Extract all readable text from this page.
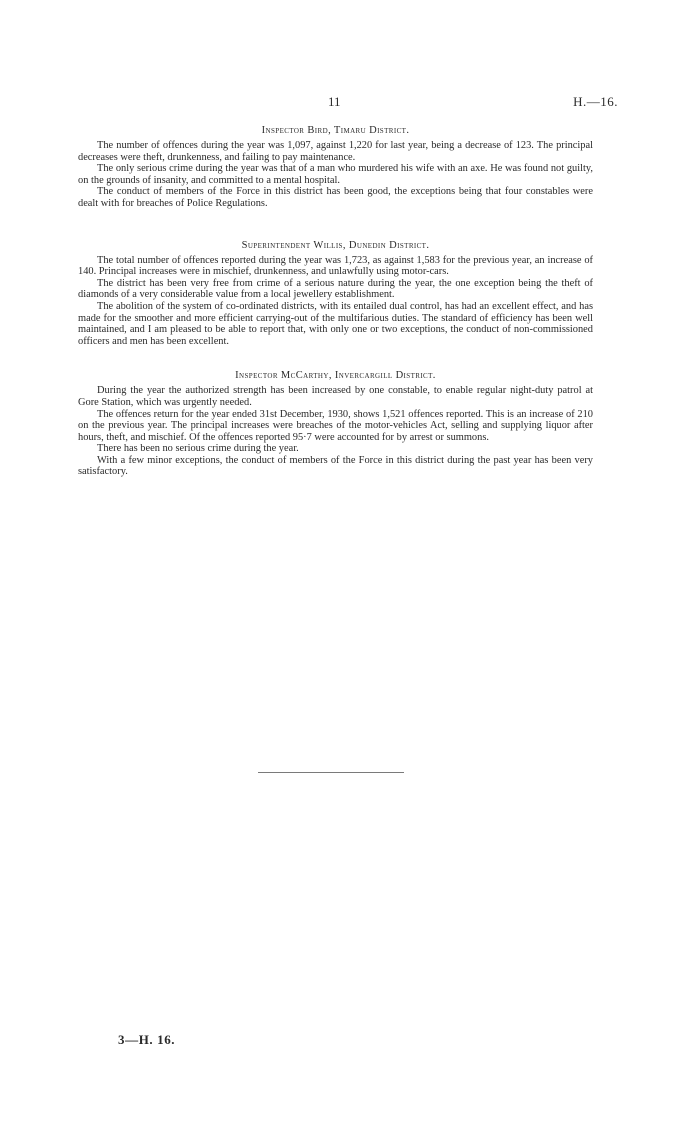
11	H.—16.
Inspector Bird, Timaru District.

The number of offences during the year was 1,097, against 1,220 for last year, being a decrease of 123. The principal decreases were theft, drunkenness, and failing to pay maintenance.

The only serious crime during the year was that of a man who murdered his wife with an axe. He was found not guilty, on the grounds of insanity, and committed to a mental hospital.

The conduct of members of the Force in this district has been good, the exceptions being that four constables were dealt with for breaches of Police Regulations.

Superintendent Willis, Dunedin District.

The total number of offences reported during the year was 1,723, as against 1,583 for the previous year, an increase of 140. Principal increases were in mischief, drunkenness, and unlawfully using motor-cars.

The district has been very free from crime of a serious nature during the year, the one exception being the theft of diamonds of a very considerable value from a local jewellery establishment.

The abolition of the system of co-ordinated districts, with its entailed dual control, has had an excellent effect, and has made for the smoother and more efficient carrying-out of the multifarious duties. The standard of efficiency has been well maintained, and I am pleased to be able to report that, with only one or two exceptions, the conduct of non-commissioned officers and men has been excellent.

Inspector McCarthy, Invercargill District.

During the year the authorized strength has been increased by one constable, to enable regular night-duty patrol at Gore Station, which was urgently needed.

The offences return for the year ended 31st December, 1930, shows 1,521 offences reported. This is an increase of 210 on the previous year. The principal increases were breaches of the motor-vehicles Act, selling and supplying liquor after hours, theft, and mischief. Of the offences reported 95·7 were accounted for by arrest or summons.

There has been no serious crime during the year.

With a few minor exceptions, the conduct of members of the Force in this district during the past year has been very satisfactory.

3—H. 16.
